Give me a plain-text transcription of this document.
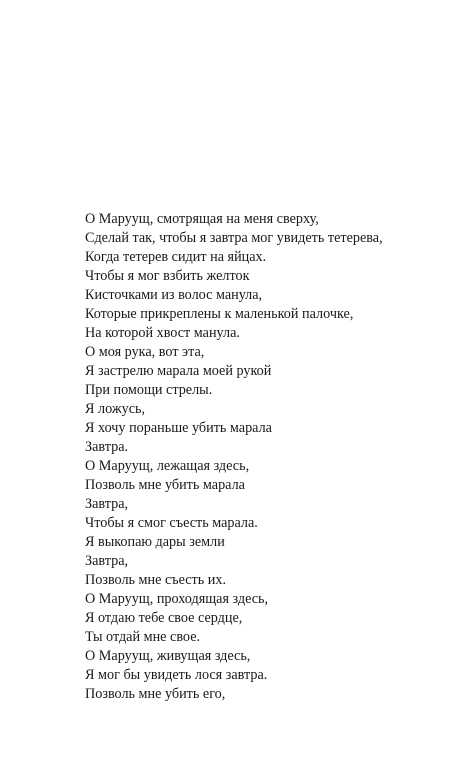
О Маруущ, смотрящая на меня сверху,
Сделай так, чтобы я завтра мог увидеть тетерева,
Когда тетерев сидит на яйцах.
Чтобы я мог взбить желток
Кисточками из волос манула,
Которые прикреплены к маленькой палочке,
На которой хвост манула.
О моя рука, вот эта,
Я застрелю марала моей рукой
При помощи стрелы.
Я ложусь,
Я хочу пораньше убить марала
Завтра.
О Маруущ, лежащая здесь,
Позволь мне убить марала
Завтра,
Чтобы я смог съесть марала.
Я выкопаю дары земли
Завтра,
Позволь мне съесть их.
О Маруущ, проходящая здесь,
Я отдаю тебе свое сердце,
Ты отдай мне свое.
О Маруущ, живущая здесь,
Я мог бы увидеть лося завтра.
Позволь мне убить его,
